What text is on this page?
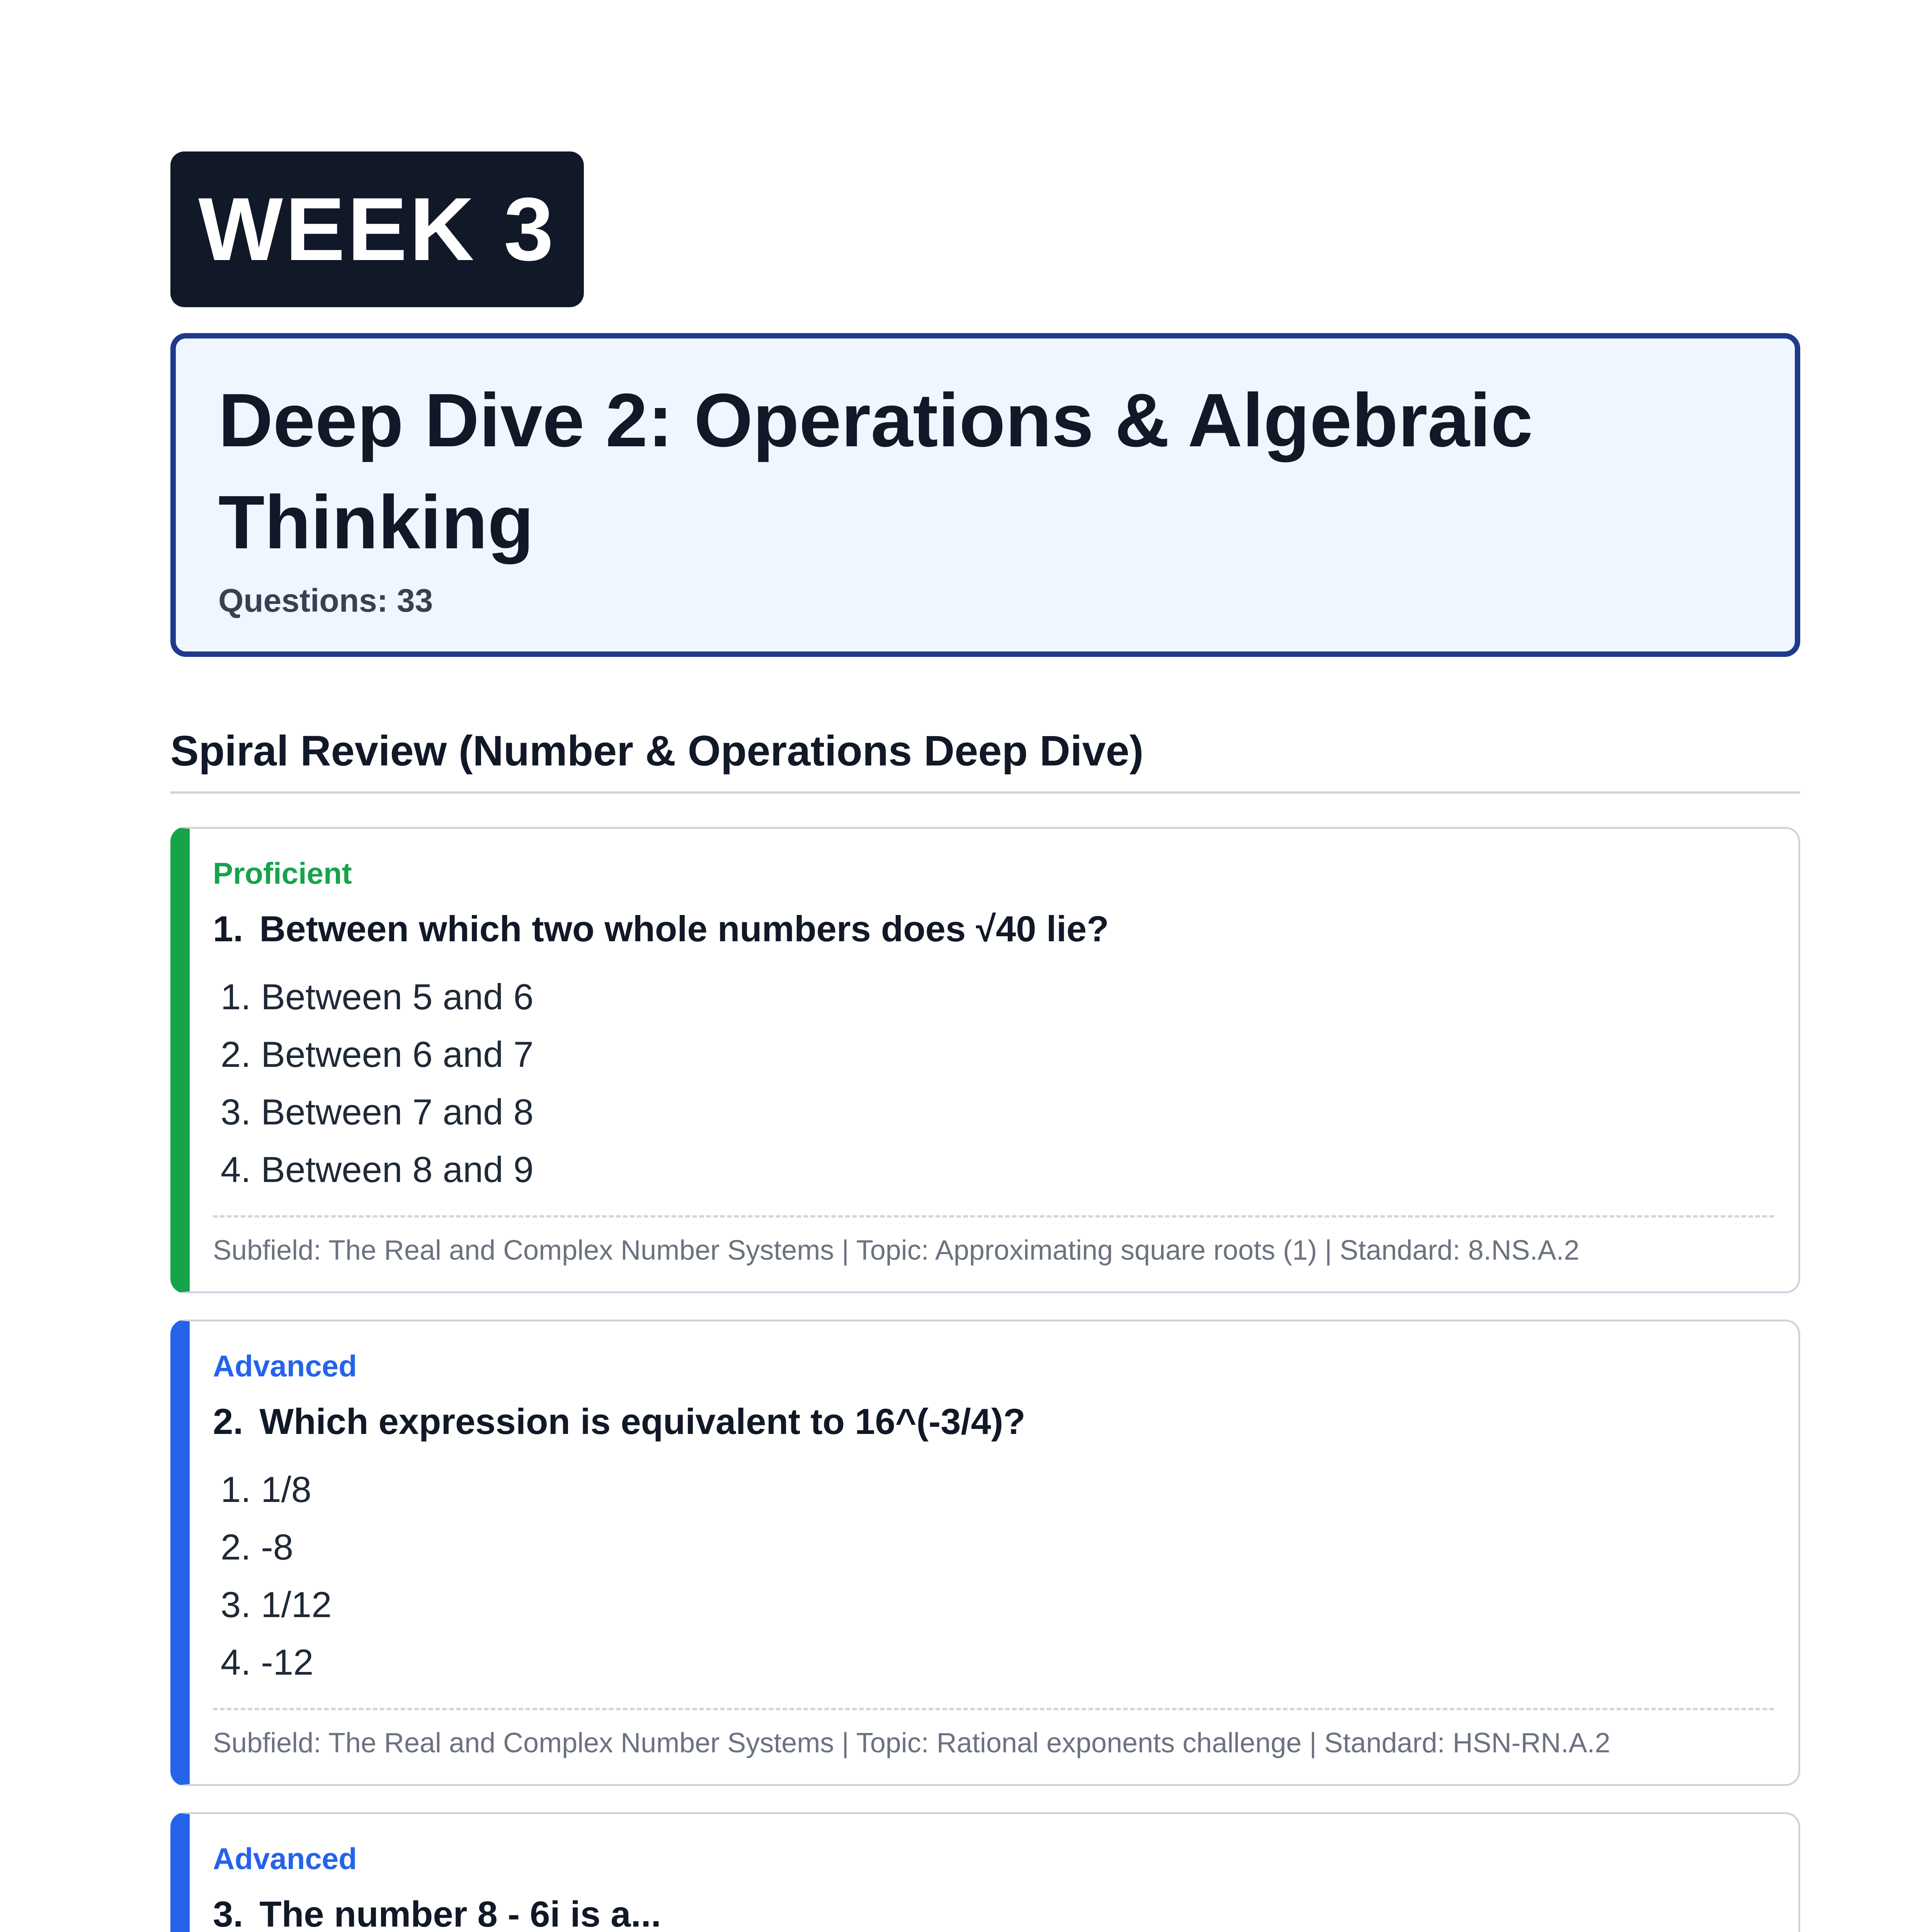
WEEK 3
Deep Dive 2: Operations & Algebraic Thinking
Questions: 33
Spiral Review (Number & Operations Deep Dive)
Proficient
1. Between which two whole numbers does √40 lie?
1. Between 5 and 6
2. Between 6 and 7
3. Between 7 and 8
4. Between 8 and 9
Subfield: The Real and Complex Number Systems | Topic: Approximating square roots (1) | Standard: 8.NS.A.2
Advanced
2. Which expression is equivalent to 16^(-3/4)?
1. 1/8
2. -8
3. 1/12
4. -12
Subfield: The Real and Complex Number Systems | Topic: Rational exponents challenge | Standard: HSN-RN.A.2
Advanced
3. The number 8 - 6i is a...
